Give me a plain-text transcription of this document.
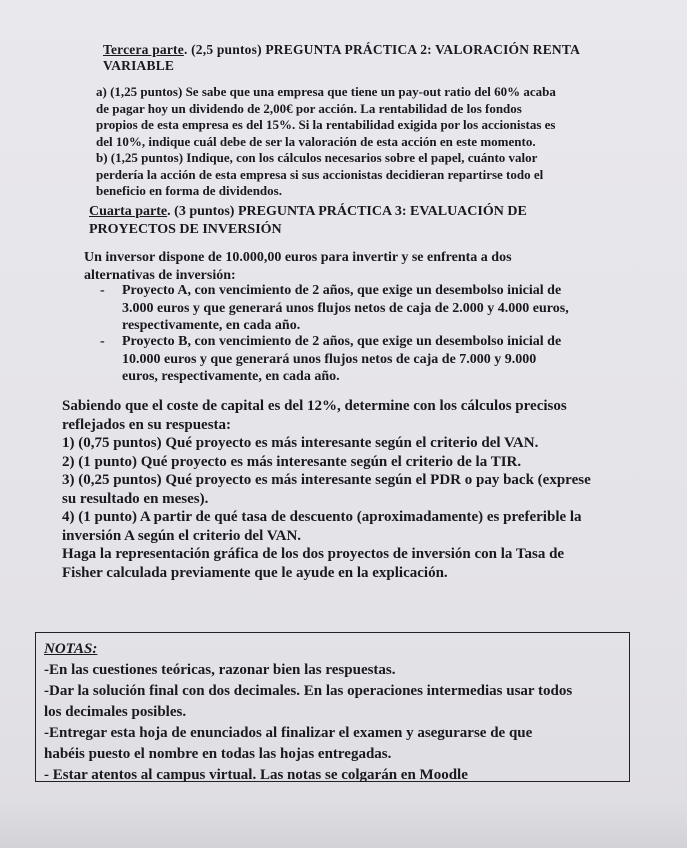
Tercera parte. (2,5 puntos) PREGUNTA PRÁCTICA 2: VALORACIÓN RENTA
VARIABLE
a) (1,25 puntos) Se sabe que una empresa que tiene un pay-out ratio del 60% acaba
de pagar hoy un dividendo de 2,00€ por acción. La rentabilidad de los fondos
propios de esta empresa es del 15%. Si la rentabilidad exigida por los accionistas es
del 10%, indique cuál debe de ser la valoración de esta acción en este momento.
b) (1,25 puntos) Indique, con los cálculos necesarios sobre el papel, cuánto valor
perdería la acción de esta empresa si sus accionistas decidieran repartirse todo el
beneficio en forma de dividendos.
Cuarta parte. (3 puntos) PREGUNTA PRÁCTICA 3: EVALUACIÓN DE
PROYECTOS DE INVERSIÓN
Un inversor dispone de 10.000,00 euros para invertir y se enfrenta a dos
alternativas de inversión:
-	Proyecto A, con vencimiento de 2 años, que exige un desembolso inicial de
3.000 euros y que generará unos flujos netos de caja de 2.000 y 4.000 euros,
respectivamente, en cada año.
-	Proyecto B, con vencimiento de 2 años, que exige un desembolso inicial de
10.000 euros y que generará unos flujos netos de caja de 7.000 y 9.000
euros, respectivamente, en cada año.
Sabiendo que el coste de capital es del 12%, determine con los cálculos precisos
reflejados en su respuesta:
1) (0,75 puntos) Qué proyecto es más interesante según el criterio del VAN.
2) (1 punto) Qué proyecto es más interesante según el criterio de la TIR.
3) (0,25 puntos) Qué proyecto es más interesante según el PDR o pay back (exprese
su resultado en meses).
4) (1 punto) A partir de qué tasa de descuento (aproximadamente) es preferible la
inversión A según el criterio del VAN.
Haga la representación gráfica de los dos proyectos de inversión con la Tasa de
Fisher calculada previamente que le ayude en la explicación.
NOTAS:
-En las cuestiones teóricas, razonar bien las respuestas.
-Dar la solución final con dos decimales. En las operaciones intermedias usar todos
los decimales posibles.
-Entregar esta hoja de enunciados al finalizar el examen y asegurarse de que
habéis puesto el nombre en todas las hojas entregadas.
- Estar atentos al campus virtual. Las notas se colgarán en Moodle
